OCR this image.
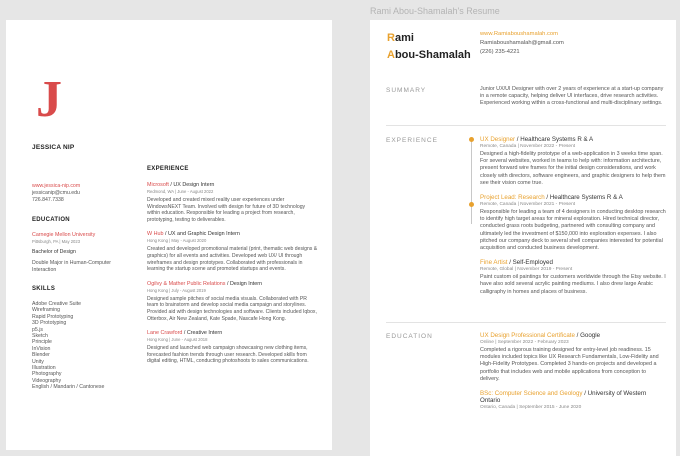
J
JESSICA NIP
www.jessica-nip.com
jessicanip@cmu.edu
726.847.7338
EDUCATION
Carnegie Mellon University
Pittsburgh, PA | May 2023
Bachelor of Design
Double Major in Human-Computer Interaction
SKILLS
Adobe Creative Suite
Wireframing
Rapid Prototyping
3D Prototyping
p5.js
Sketch
Principle
InVision
Blender
Unity
Illustration
Photography
Videography
English / Mandarin / Cantonese
EXPERIENCE
Microsoft / UX Design Intern
Redmond, WA | June - August 2022
Developed and created mixed reality user experiences under WindowsNEXT Team. Involved with design for future of 3D technology within education. Responsible for leading a project from research, prototyping, testing to deliverables.
W Hub / UX and Graphic Design Intern
Hong Kong | May - August 2020
Created and developed promotional material (print, thematic web designs & graphics) for all events and activities. Developed web UX/ UI through wireframes and design prototypes. Collaborated with professionals in learning the startup scene and promoted startups and events.
Ogilvy & Mather Public Relations / Design Intern
Hong Kong | July - August 2019
Designed sample pitches of social media visuals. Collaborated with PR team to brainstorm and develop social media campaign and storylines. Provided aid with design technologies and software. Clients included Iqbox, Otterbox, Air New Zealand, Kate Spade, Nascafe Hong Kong.
Lane Crawford / Creative Intern
Hong Kong | June - August 2018
Designed and launched web campaign showcasing new clothing items, forecasted fashion trends through user research. Developed skills from digital editing, HTML, conducting photoshoots to sales communications.
Rami Abou-Shamalah's Resume
Rami
Abou-Shamalah
www.Ramiaboushamalah.com
Ramiaboushamalah@gmail.com
(226) 235-4221
SUMMARY	Junior UX/UI Designer with over 2 years of experience at a start-up company in a remote capacity, helping deliver UI interfaces, drive research activities. Experienced working within a cross-functional and multi-disciplinary settings.
EXPERIENCE	UX Designer / Healthcare Systems R & A
Remote, Canada | November 2022 - Present
Designed a high-fidelity prototype of a web-application in 3 weeks time span. For several websites, worked in teams to help with: information architecture, present forward wire frames for the initial design considerations, and work closely with directors, software engineers, and graphic designers to help them see their vision come true.
Project Lead: Research / Healthcare Systems R & A
Remote, Canada | November 2021 - Present
Responsible for leading a team of 4 designers in conducting desktop research to identify high target areas for mineral exploration. Hired technical director, conducted grass roots budgeting, partnered with consulting company and ultimately led the investment of $150,000 into exploration expenses. I also pitched our company deck to several shell companies interested for potential acquisition and conducted business development.
Fine Artist / Self-Employed
Remote, Global | November 2019 - Present
Paint custom oil paintings for customers worldwide through the Etsy website. I have also sold several acrylic painting mediums. I also drew large Arabic calligraphy in homes and places of business.
EDUCATION	UX Design Professional Certificate / Google
Online | September 2022 - February 2023
Completed a rigorous training designed for entry-level job readiness. 15 modules included topics like UX Research Fundamentals, Low-Fidelity and High-Fidelity Prototypes. Completed 3 hands-on projects and developed a portfolio that includes web and mobile applications from conception to delivery.
BSc: Computer Science and Geology / University of Western Ontario
Ontario, Canada | September 2015 - June 2020
